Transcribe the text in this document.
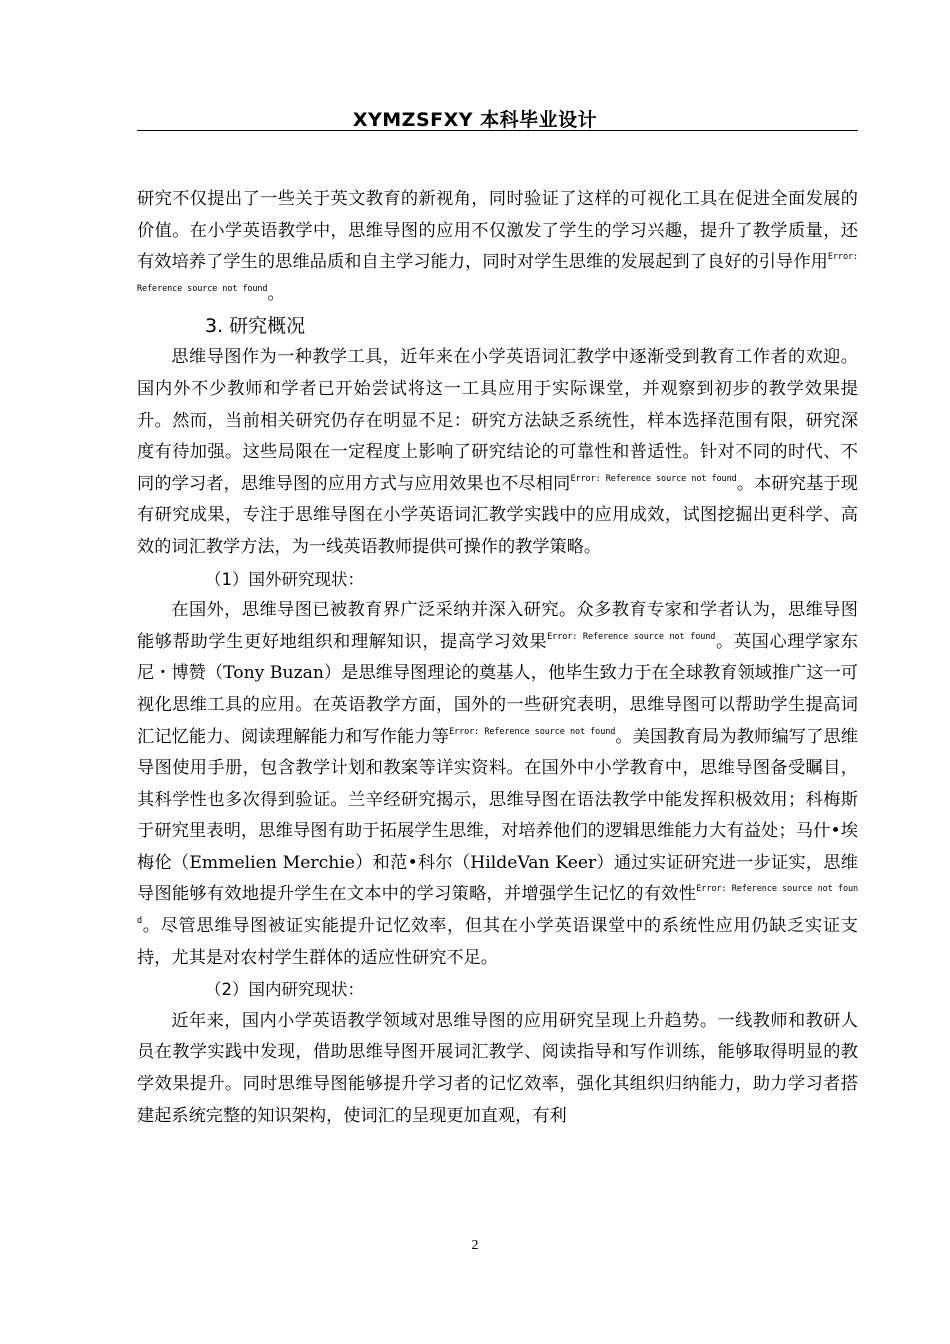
XYMZSFXY 本科毕业设计

研究不仅提出了一些关于英文教育的新视角，同时验证了这样的可视化工具在促进全面发展的价值。在小学英语教学中，思维导图的应用不仅激发了学生的学习兴趣，提升了教学质量，还有效培养了学生的思维品质和自主学习能力，同时对学生思维的发展起到了良好的引导作用$^{Error: Reference source not found}$。

3. 研究概况

思维导图作为一种教学工具，近年来在小学英语词汇教学中逐渐受到教育工作者的欢迎。国内外不少教师和学者已开始尝试将这一工具应用于实际课堂，并观察到初步的教学效果提升。然而，当前相关研究仍存在明显不足：研究方法缺乏系统性，样本选择范围有限，研究深度有待加强。这些局限在一定程度上影响了研究结论的可靠性和普适性。针对不同的时代、不同的学习者，思维导图的应用方式与应用效果也不尽相同$^{Error: Reference source not found}$。本研究基于现有研究成果，专注于思维导图在小学英语词汇教学实践中的应用成效，试图挖掘出更科学、高效的词汇教学方法，为一线英语教师提供可操作的教学策略。

（1）国外研究现状：

在国外，思维导图已被教育界广泛采纳并深入研究。众多教育专家和学者认为，思维导图能够帮助学生更好地组织和理解知识，提高学习效果$^{Error: Reference source not found}$。英国心理学家东尼・博赞（Tony Buzan）是思维导图理论的奠基人，他毕生致力于在全球教育领域推广这一可视化思维工具的应用。在英语教学方面，国外的一些研究表明，思维导图可以帮助学生提高词汇记忆能力、阅读理解能力和写作能力等$^{Error: Reference source not found}$。美国教育局为教师编写了思维导图使用手册，包含教学计划和教案等详实资料。在国外中小学教育中，思维导图备受瞩目，其科学性也多次得到验证。兰辛经研究揭示，思维导图在语法教学中能发挥积极效用；科梅斯于研究里表明，思维导图有助于拓展学生思维，对培养他们的逻辑思维能力大有益处；马什•埃梅伦（Emmelien Merchie）和范•科尔（HildeVan Keer）通过实证研究进一步证实，思维导图能够有效地提升学生在文本中的学习策略，并增强学生记忆的有效性$^{Error: Reference source not found}$。尽管思维导图被证实能提升记忆效率，但其在小学英语课堂中的系统性应用仍缺乏实证支持，尤其是对农村学生群体的适应性研究不足。

（2）国内研究现状：

近年来，国内小学英语教学领域对思维导图的应用研究呈现上升趋势。一线教师和教研人员在教学实践中发现，借助思维导图开展词汇教学、阅读指导和写作训练，能够取得明显的教学效果提升。同时思维导图能够提升学习者的记忆效率，强化其组织归纳能力，助力学习者搭建起系统完整的知识架构，使词汇的呈现更加直观，有利

2
